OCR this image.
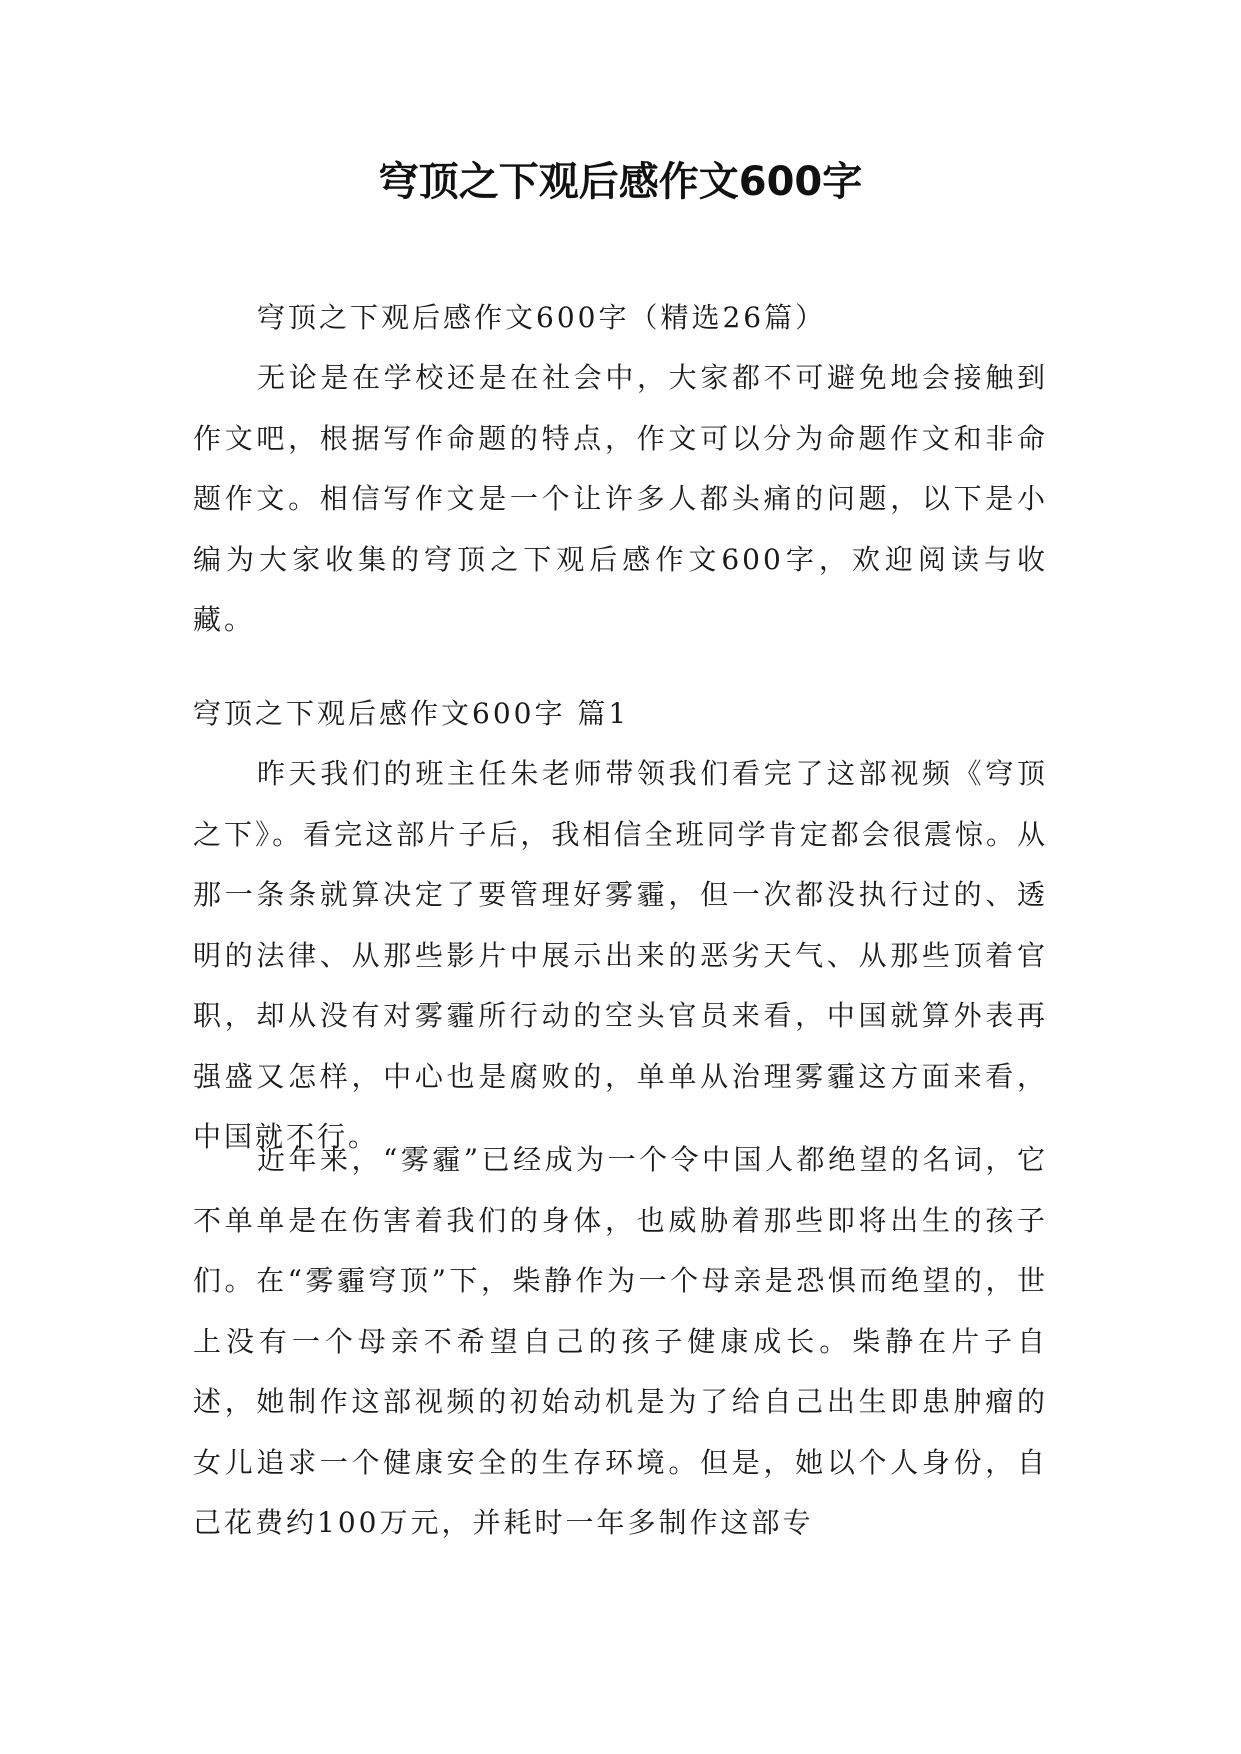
穹顶之下观后感作文600字

穹顶之下观后感作文600字（精选26篇）

无论是在学校还是在社会中，大家都不可避免地会接触到作文吧，根据写作命题的特点，作文可以分为命题作文和非命题作文。相信写作文是一个让许多人都头痛的问题，以下是小编为大家收集的穹顶之下观后感作文600字，欢迎阅读与收藏。

穹顶之下观后感作文600字 篇1

昨天我们的班主任朱老师带领我们看完了这部视频《穹顶之下》。看完这部片子后，我相信全班同学肯定都会很震惊。从那一条条就算决定了要管理好雾霾，但一次都没执行过的、透明的法律、从那些影片中展示出来的恶劣天气、从那些顶着官职，却从没有对雾霾所行动的空头官员来看，中国就算外表再强盛又怎样，中心也是腐败的，单单从治理雾霾这方面来看，中国就不行。

近年来，“雾霾”已经成为一个令中国人都绝望的名词，它不单单是在伤害着我们的身体，也威胁着那些即将出生的孩子们。在“雾霾穹顶”下，柴静作为一个母亲是恐惧而绝望的，世上没有一个母亲不希望自己的孩子健康成长。柴静在片子自述，她制作这部视频的初始动机是为了给自己出生即患肿瘤的女儿追求一个健康安全的生存环境。但是，她以个人身份，自己花费约100万元，并耗时一年多制作这部专
